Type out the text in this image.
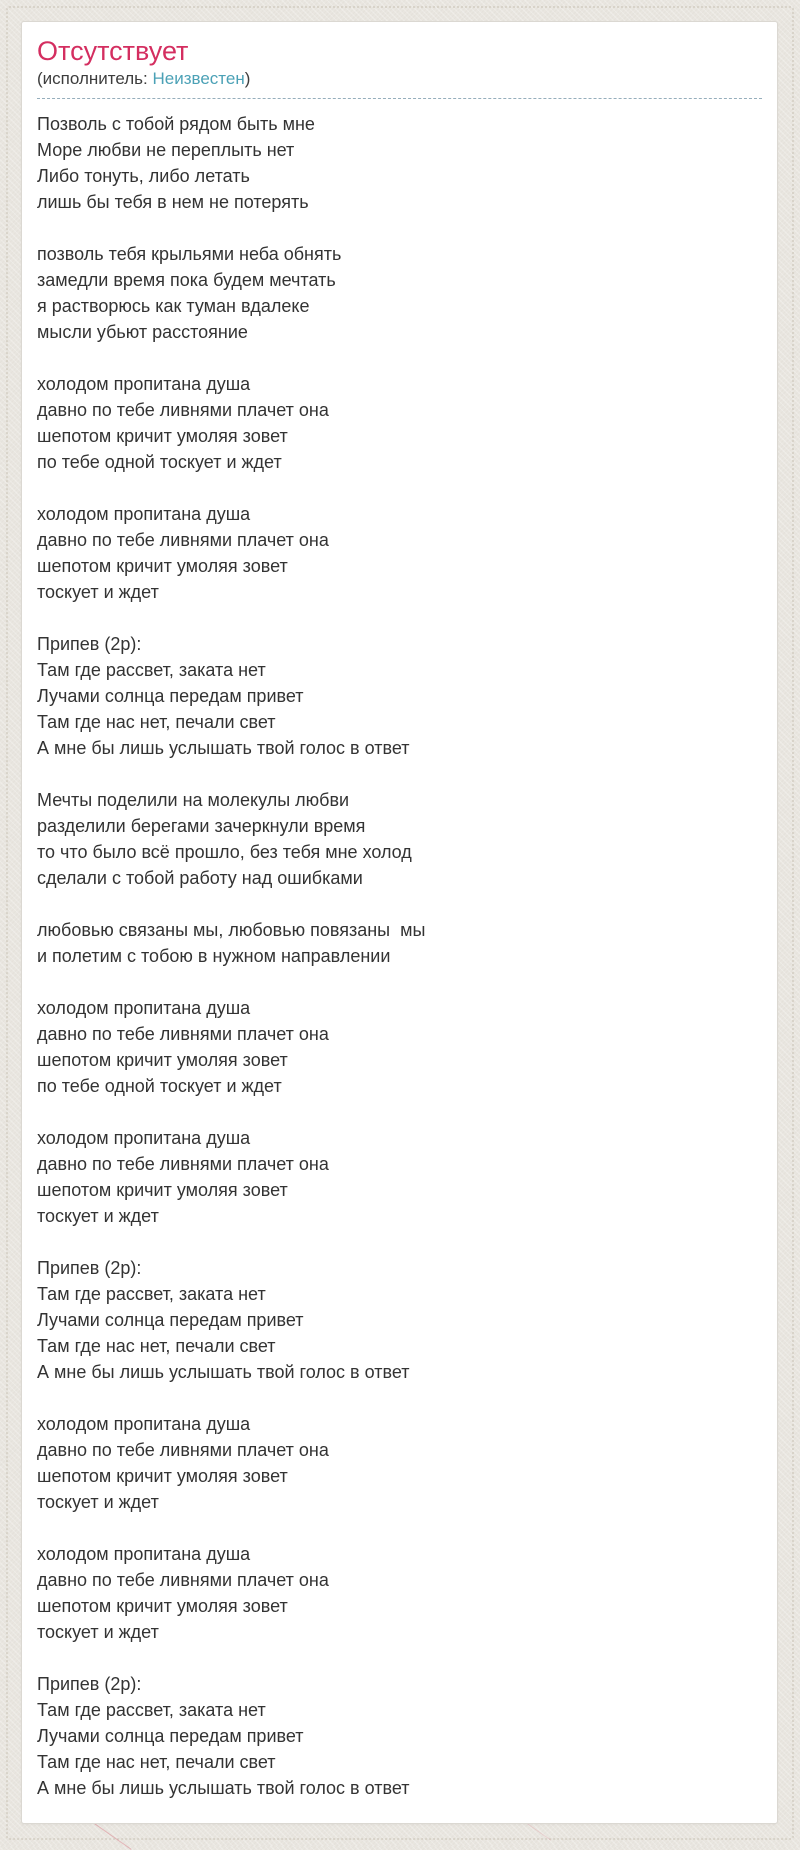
Отсутствует
(исполнитель: Неизвестен)
Позволь с тобой рядом быть мне
Море любви не переплыть нет
Либо тонуть, либо летать
лишь бы тебя в нем не потерять
позволь тебя крыльями неба обнять
замедли время пока будем мечтать
я растворюсь как туман вдалеке
мысли убьют расстояние
холодом пропитана душа
давно по тебе ливнями плачет она
шепотом кричит умоляя зовет
по тебе одной тоскует и ждет
холодом пропитана душа
давно по тебе ливнями плачет она
шепотом кричит умоляя зовет
тоскует и ждет
Припев (2р):
Там где рассвет, заката нет
Лучами солнца передам привет
Там где нас нет, печали свет
А мне бы лишь услышать твой голос в ответ
Мечты поделили на молекулы любви
разделили берегами зачеркнули время
то что было всё прошло, без тебя мне холод
сделали с тобой работу над ошибками
любовью связаны мы, любовью повязаны  мы
и полетим с тобою в нужном направлении
холодом пропитана душа
давно по тебе ливнями плачет она
шепотом кричит умоляя зовет
по тебе одной тоскует и ждет
холодом пропитана душа
давно по тебе ливнями плачет она
шепотом кричит умоляя зовет
тоскует и ждет
Припев (2р):
Там где рассвет, заката нет
Лучами солнца передам привет
Там где нас нет, печали свет
А мне бы лишь услышать твой голос в ответ
холодом пропитана душа
давно по тебе ливнями плачет она
шепотом кричит умоляя зовет
тоскует и ждет
холодом пропитана душа
давно по тебе ливнями плачет она
шепотом кричит умоляя зовет
тоскует и ждет
Припев (2р):
Там где рассвет, заката нет
Лучами солнца передам привет
Там где нас нет, печали свет
А мне бы лишь услышать твой голос в ответ
